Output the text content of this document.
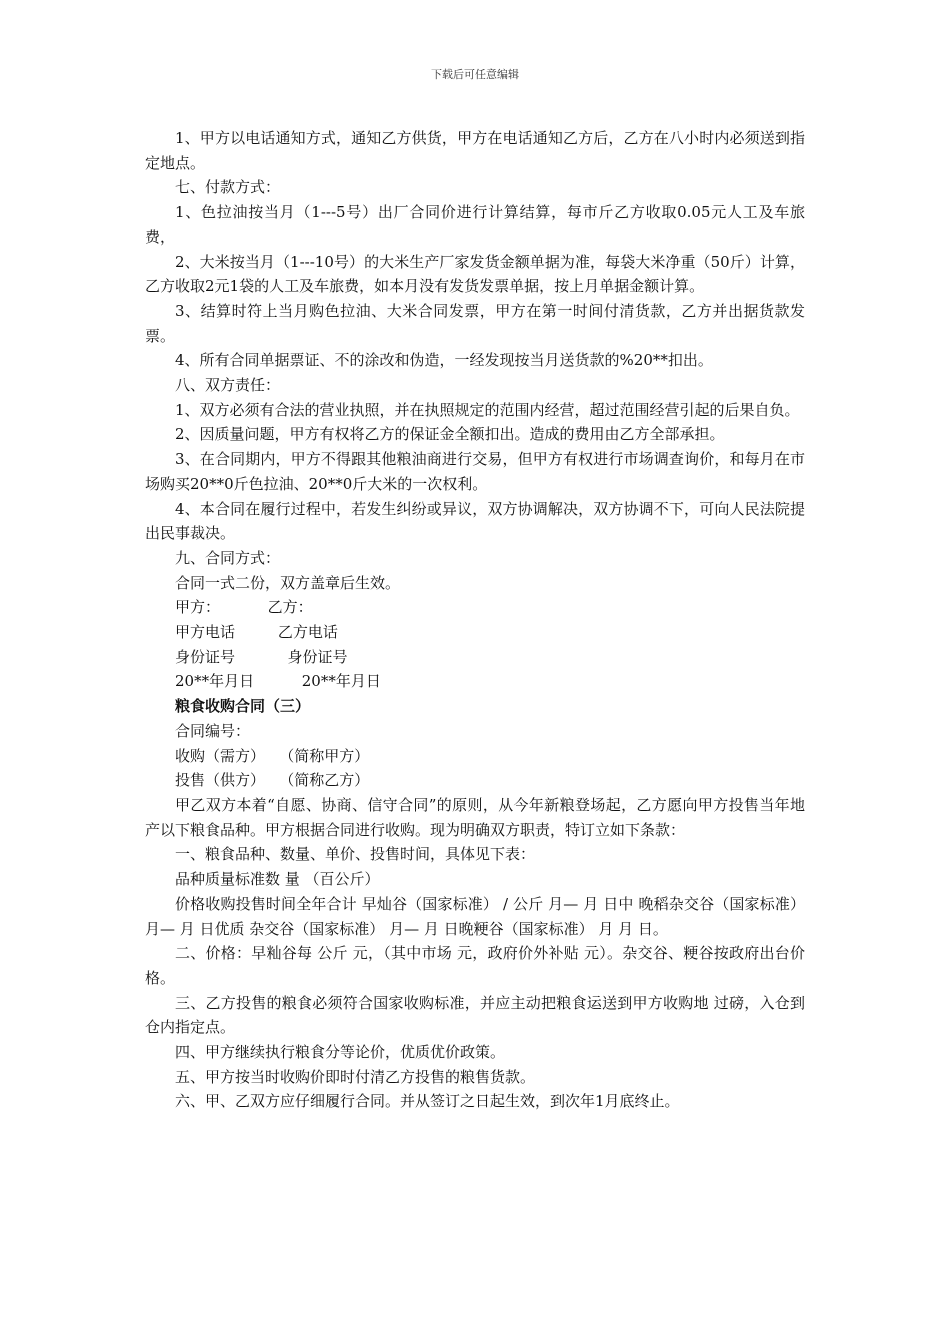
下载后可任意编辑

1、甲方以电话通知方式，通知乙方供货，甲方在电话通知乙方后，乙方在八小时内必须送到指定地点。

七、付款方式：

1、色拉油按当月（1---5号）出厂合同价进行计算结算，每市斤乙方收取0.05元人工及车旅费，

2、大米按当月（1---10号）的大米生产厂家发货金额单据为准，每袋大米净重（50斤）计算，乙方收取2元1袋的人工及车旅费，如本月没有发货发票单据，按上月单据金额计算。

3、结算时符上当月购色拉油、大米合同发票，甲方在第一时间付清货款，乙方并出据货款发票。

4、所有合同单据票证、不的涂改和伪造，一经发现按当月送货款的%20**扣出。

八、双方责任：

1、双方必须有合法的营业执照，并在执照规定的范围内经营，超过范围经营引起的后果自负。

2、因质量问题，甲方有权将乙方的保证金全额扣出。造成的费用由乙方全部承担。

3、在合同期内，甲方不得跟其他粮油商进行交易，但甲方有权进行市场调查询价，和每月在市场购买20**0斤色拉油、20**0斤大米的一次权利。

4、本合同在履行过程中，若发生纠纷或异议，双方协调解决，双方协调不下，可向人民法院提出民事裁决。

九、合同方式：

合同一式二份，双方盖章后生效。

甲方：          乙方：

甲方电话         乙方电话

身份证号           身份证号

20**年月日          20**年月日

粮食收购合同（三）

合同编号：

收购（需方）   （简称甲方）

投售（供方）   （简称乙方）

甲乙双方本着“自愿、协商、信守合同”的原则，从今年新粮登场起，乙方愿向甲方投售当年地产以下粮食品种。甲方根据合同进行收购。现为明确双方职责，特订立如下条款：

一、粮食品种、数量、单价、投售时间，具体见下表：

品种质量标准数 量 （百公斤）

价格收购投售时间全年合计 早灿谷（国家标准） / 公斤 月— 月 日中 晚稻杂交谷（国家标准） 月— 月 日优质 杂交谷（国家标准） 月— 月 日晚粳谷（国家标准） 月 月 日。

二、价格：早籼谷每 公斤 元，（其中市场 元，政府价外补贴 元）。杂交谷、粳谷按政府出台价格。

三、乙方投售的粮食必须符合国家收购标准，并应主动把粮食运送到甲方收购地 过磅，入仓到仓内指定点。

四、甲方继续执行粮食分等论价，优质优价政策。

五、甲方按当时收购价即时付清乙方投售的粮售货款。

六、甲、乙双方应仔细履行合同。并从签订之日起生效，到次年1月底终止。
